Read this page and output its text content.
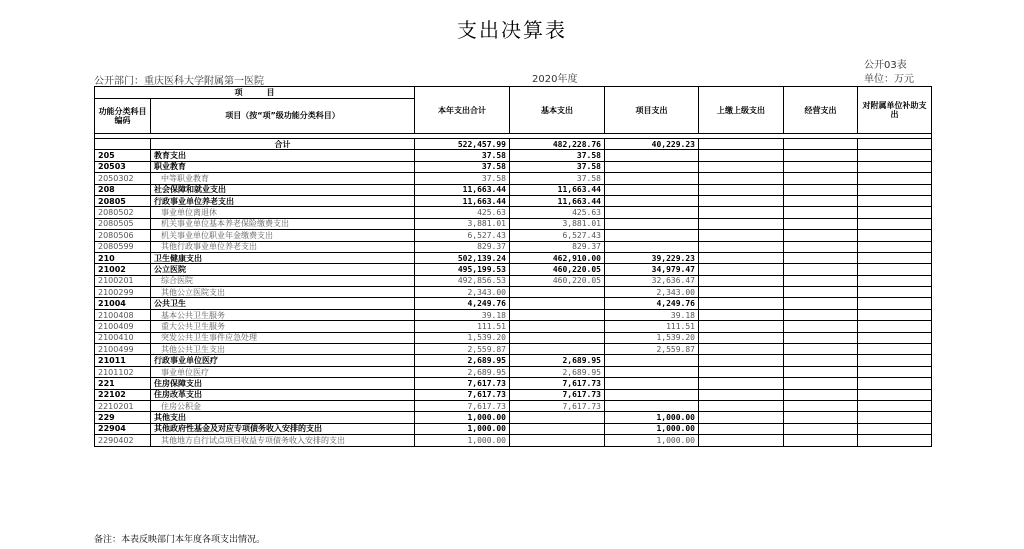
支出决算表
公开03表
单位：万元
公开部门：重庆医科大学附属第一医院	2020年度
项　　　目		本年支出合计	基本支出	项目支出	上缴上级支出	经营支出	对附属单位补助支出
功能分类科目编码	项目（按“项”级功能分类科目）						

	合计	522,457.99	482,228.76	40,229.23			
205	教育支出	37.58	37.58				
20503	职业教育	37.58	37.58				
2050302	中等职业教育	37.58	37.58				
208	社会保障和就业支出	11,663.44	11,663.44				
20805	行政事业单位养老支出	11,663.44	11,663.44				
2080502	事业单位离退休	425.63	425.63				
2080505	机关事业单位基本养老保险缴费支出	3,881.01	3,881.01				
2080506	机关事业单位职业年金缴费支出	6,527.43	6,527.43				
2080599	其他行政事业单位养老支出	829.37	829.37				
210	卫生健康支出	502,139.24	462,910.00	39,229.23			
21002	公立医院	495,199.53	460,220.05	34,979.47			
2100201	综合医院	492,856.53	460,220.05	32,636.47			
2100299	其他公立医院支出	2,343.00		2,343.00			
21004	公共卫生	4,249.76		4,249.76			
2100408	基本公共卫生服务	39.18		39.18			
2100409	重大公共卫生服务	111.51		111.51			
2100410	突发公共卫生事件应急处理	1,539.20		1,539.20			
2100499	其他公共卫生支出	2,559.87		2,559.87			
21011	行政事业单位医疗	2,689.95	2,689.95				
2101102	事业单位医疗	2,689.95	2,689.95				
221	住房保障支出	7,617.73	7,617.73				
22102	住房改革支出	7,617.73	7,617.73				
2210201	住房公积金	7,617.73	7,617.73				
229	其他支出	1,000.00		1,000.00			
22904	其他政府性基金及对应专项债务收入安排的支出	1,000.00		1,000.00			
2290402	其他地方自行试点项目收益专项债务收入安排的支出	1,000.00		1,000.00			
备注：本表反映部门本年度各项支出情况。
